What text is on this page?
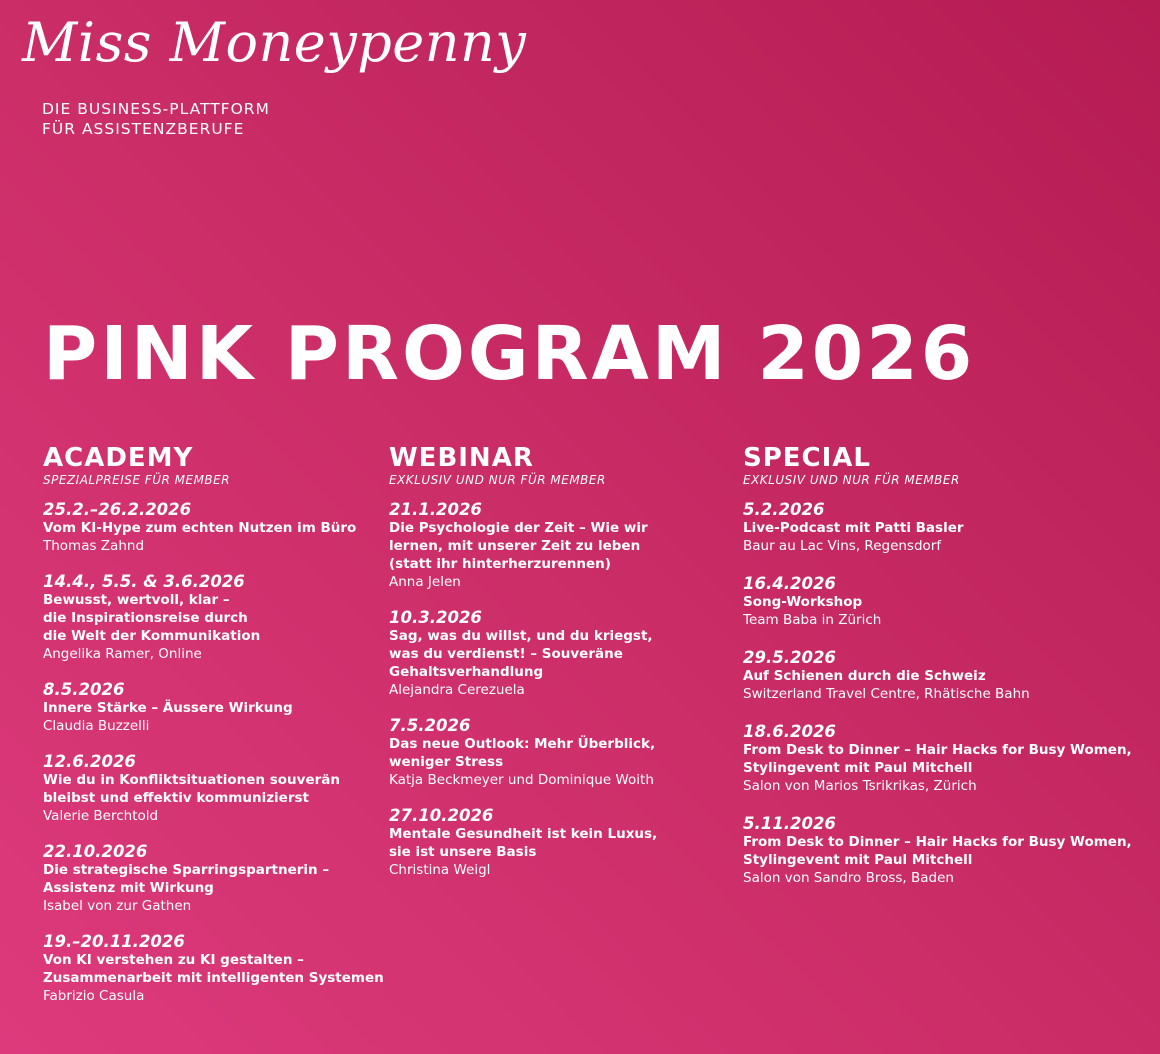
Miss Moneypenny
DIE BUSINESS-PLATTFORM
FÜR ASSISTENZBERUFE
PINK PROGRAM 2026
ACADEMY
SPEZIALPREISE FÜR MEMBER
25.2.–26.2.2026
Vom KI-Hype zum echten Nutzen im Büro
Thomas Zahnd
14.4., 5.5. & 3.6.2026
Bewusst, wertvoll, klar –
die Inspirationsreise durch
die Welt der Kommunikation
Angelika Ramer, Online
8.5.2026
Innere Stärke – Äussere Wirkung
Claudia Buzzelli
12.6.2026
Wie du in Konfliktsituationen souverän
bleibst und effektiv kommunizierst
Valerie Berchtold
22.10.2026
Die strategische Sparringspartnerin –
Assistenz mit Wirkung
Isabel von zur Gathen
19.–20.11.2026
Von KI verstehen zu KI gestalten –
Zusammenarbeit mit intelligenten Systemen
Fabrizio Casula
WEBINAR
EXKLUSIV UND NUR FÜR MEMBER
21.1.2026
Die Psychologie der Zeit – Wie wir
lernen, mit unserer Zeit zu leben
(statt ihr hinterherzurennen)
Anna Jelen
10.3.2026
Sag, was du willst, und du kriegst,
was du verdienst! – Souveräne
Gehaltsverhandlung
Alejandra Cerezuela
7.5.2026
Das neue Outlook: Mehr Überblick,
weniger Stress
Katja Beckmeyer und Dominique Woith
27.10.2026
Mentale Gesundheit ist kein Luxus,
sie ist unsere Basis
Christina Weigl
SPECIAL
EXKLUSIV UND NUR FÜR MEMBER
5.2.2026
Live-Podcast mit Patti Basler
Baur au Lac Vins, Regensdorf
16.4.2026
Song-Workshop
Team Baba in Zürich
29.5.2026
Auf Schienen durch die Schweiz
Switzerland Travel Centre, Rhätische Bahn
18.6.2026
From Desk to Dinner – Hair Hacks for Busy Women,
Stylingevent mit Paul Mitchell
Salon von Marios Tsrikrikas, Zürich
5.11.2026
From Desk to Dinner – Hair Hacks for Busy Women,
Stylingevent mit Paul Mitchell
Salon von Sandro Bross, Baden
